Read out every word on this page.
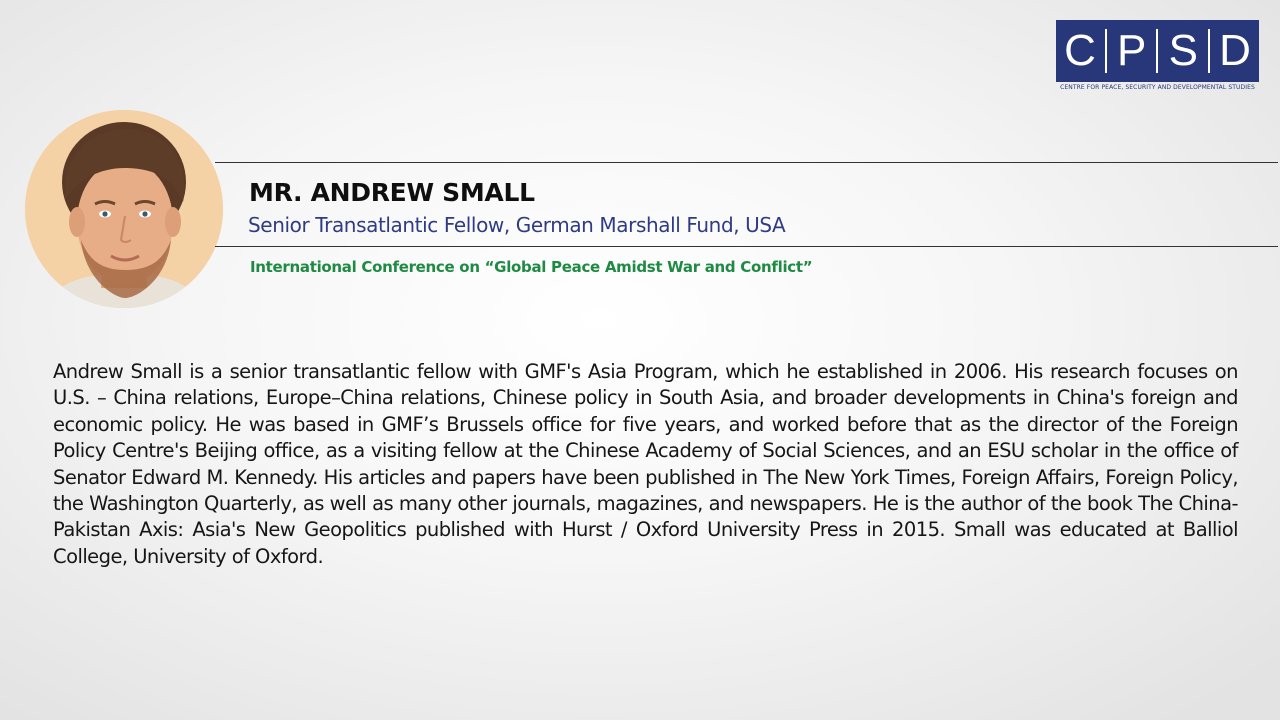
C P S D
CENTRE FOR PEACE, SECURITY AND DEVELOPMENTAL STUDIES
MR. ANDREW SMALL
Senior Transatlantic Fellow, German Marshall Fund, USA
International Conference on “Global Peace Amidst War and Conflict”

Andrew Small is a senior transatlantic fellow with GMF's Asia Program, which he established in 2006. His research focuses on U.S. – China relations, Europe–China relations, Chinese policy in South Asia, and broader developments in China's foreign and economic policy. He was based in GMF’s Brussels office for five years, and worked before that as the director of the Foreign Policy Centre's Beijing office, as a visiting fellow at the Chinese Academy of Social Sciences, and an ESU scholar in the office of Senator Edward M. Kennedy. His articles and papers have been published in The New York Times, Foreign Affairs, Foreign Policy, the Washington Quarterly, as well as many other journals, magazines, and newspapers. He is the author of the book The China-Pakistan Axis: Asia's New Geopolitics published with Hurst / Oxford University Press in 2015. Small was educated at Balliol College, University of Oxford.
